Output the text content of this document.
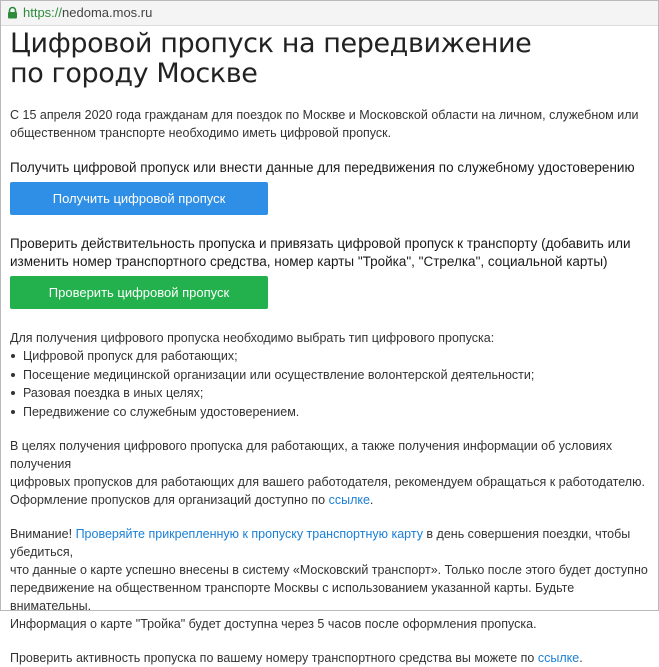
https://nedoma.mos.ru
Цифровой пропуск на передвижение
по городу Москве

С 15 апреля 2020 года гражданам для поездок по Москве и Московской области на личном, служебном или
общественном транспорте необходимо иметь цифровой пропуск.

Получить цифровой пропуск или внести данные для передвижения по служебному удостоверению

Получить цифровой пропуск

Проверить действительность пропуска и привязать цифровой пропуск к транспорту (добавить или
изменить номер транспортного средства, номер карты "Тройка", "Стрелка", социальной карты)

Проверить цифровой пропуск

Для получения цифрового пропуска необходимо выбрать тип цифрового пропуска:

Цифровой пропуск для работающих;
Посещение медицинской организации или осуществление волонтерской деятельности;
Разовая поездка в иных целях;
Передвижение со служебным удостоверением.

В целях получения цифрового пропуска для работающих, а также получения информации об условиях получения
цифровых пропусков для работающих для вашего работодателя, рекомендуем обращаться к работодателю.
Оформление пропусков для организаций доступно по ссылке.

Внимание! Проверяйте прикрепленную к пропуску транспортную карту в день совершения поездки, чтобы убедиться,
что данные о карте успешно внесены в систему «Московский транспорт». Только после этого будет доступно
передвижение на общественном транспорте Москвы с использованием указанной карты. Будьте внимательны.
Информация о карте "Тройка" будет доступна через 5 часов после оформления пропуска.

Проверить активность пропуска по вашему номеру транспортного средства вы можете по ссылке.
